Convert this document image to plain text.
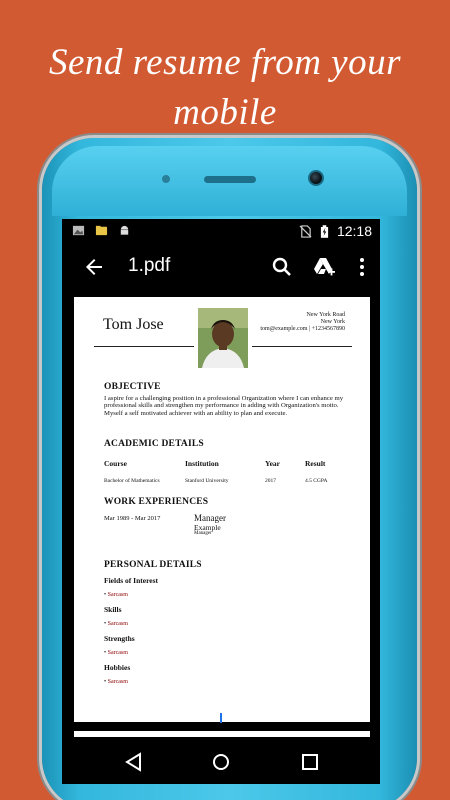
Send resume from your mobile
12:18
1.pdf
Tom Jose
New York Road
New York
tom@example.com | +1234567890
OBJECTIVE
I aspire for a challenging position in a professional Organization where I can enhance my professional skills and strengthen my performance in adding with Organization's motto. Myself a self motivated achiever with an ability to plan and execute.
ACADEMIC DETAILS
Course	Institution	Year	Result
Bachelor of Mathematics	Stanford University	2017	4.5 CGPA
WORK EXPERIENCES
Mar 1989 - Mar 2017	Manager
Example
Manager
PERSONAL DETAILS
Fields of Interest
• Sarcasm
Skills
• Sarcasm
Strengths
• Sarcasm
Hobbies
• Sarcasm
